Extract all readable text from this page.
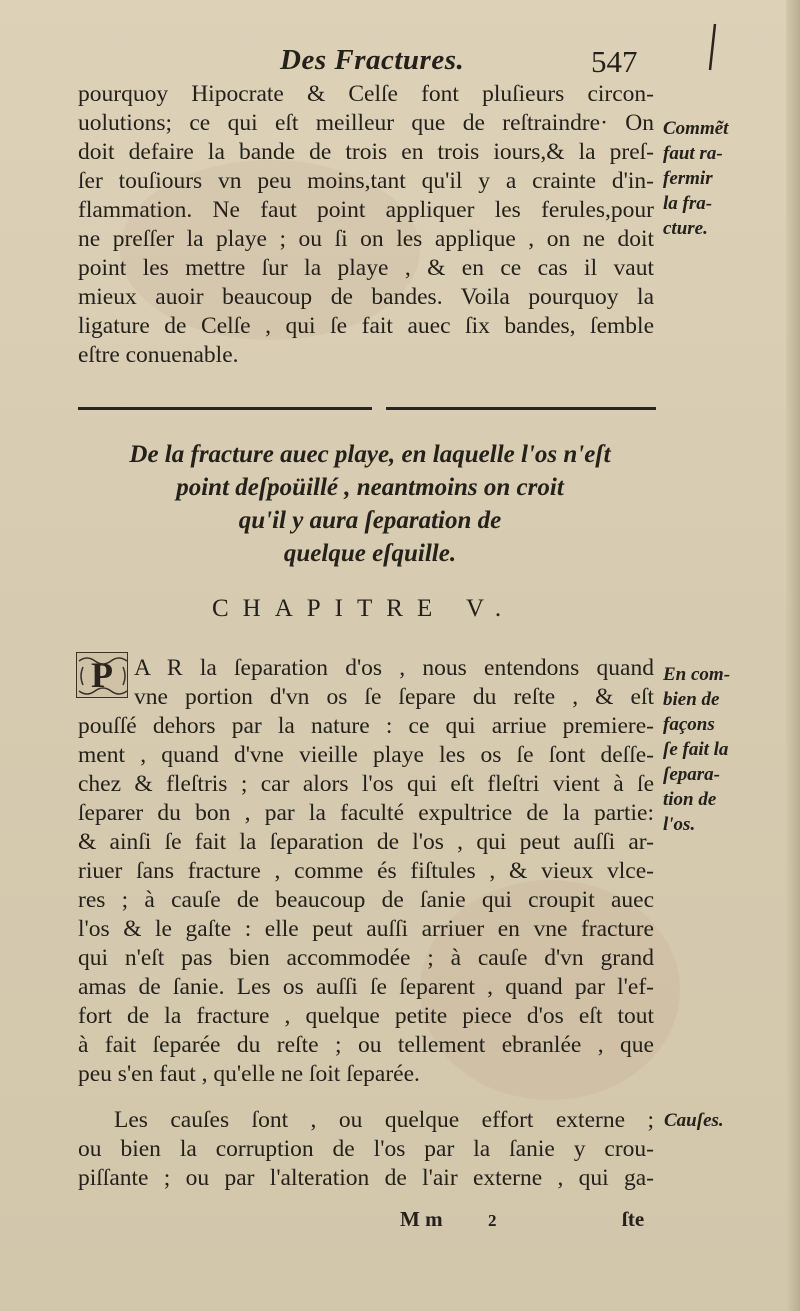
Des Fractures.	547
pourquoy Hipocrate & Celſe font pluſieurs circon-
uolutions; ce qui eſt meilleur que de reſtraindre· On
doit defaire la bande de trois en trois iours,& la preſ-
ſer touſiours vn peu moins,tant qu'il y a crainte d'in-
flammation. Ne faut point appliquer les ferules,pour
ne preſſer la playe ; ou ſi on les applique , on ne doit
point les mettre ſur la playe , & en ce cas il vaut
mieux auoir beaucoup de bandes. Voila pourquoy la
ligature de Celſe , qui ſe fait auec ſix bandes, ſemble
eſtre conuenable.
Commẽt
faut ra-
fermir
la fra-
cture.
De la fracture auec playe, en laquelle l'os n'eſt
point deſpoüillé , neantmoins on croit
qu'il y aura ſeparation de
quelque eſquille.
CHAPITRE V.
P A R la ſeparation d'os , nous entendons quand
vne portion d'vn os ſe ſepare du reſte , & eſt
pouſſé dehors par la nature : ce qui arriue premiere-
ment , quand d'vne vieille playe les os ſe ſont deſſe-
chez & fleſtris ; car alors l'os qui eſt fleſtri vient à ſe
ſeparer du bon , par la faculté expultrice de la partie:
& ainſi ſe fait la ſeparation de l'os , qui peut auſſi ar-
riuer ſans fracture , comme és fiſtules , & vieux vlce-
res ; à cauſe de beaucoup de ſanie qui croupit auec
l'os & le gaſte : elle peut auſſi arriuer en vne fracture
qui n'eſt pas bien accommodée ; à cauſe d'vn grand
amas de ſanie. Les os auſſi ſe ſeparent , quand par l'ef-
fort de la fracture , quelque petite piece d'os eſt tout
à fait ſeparée du reſte ; ou tellement ebranlée , que
peu s'en faut , qu'elle ne ſoit ſeparée.
En com-
bien de
façons
ſe fait la
ſepara-
tion de
l'os.
Les cauſes ſont , ou quelque effort externe ;
ou bien la corruption de l'os par la ſanie y crou-
piſſante ; ou par l'alteration de l'air externe , qui ga-
Cauſes.
M m	2	ſte
